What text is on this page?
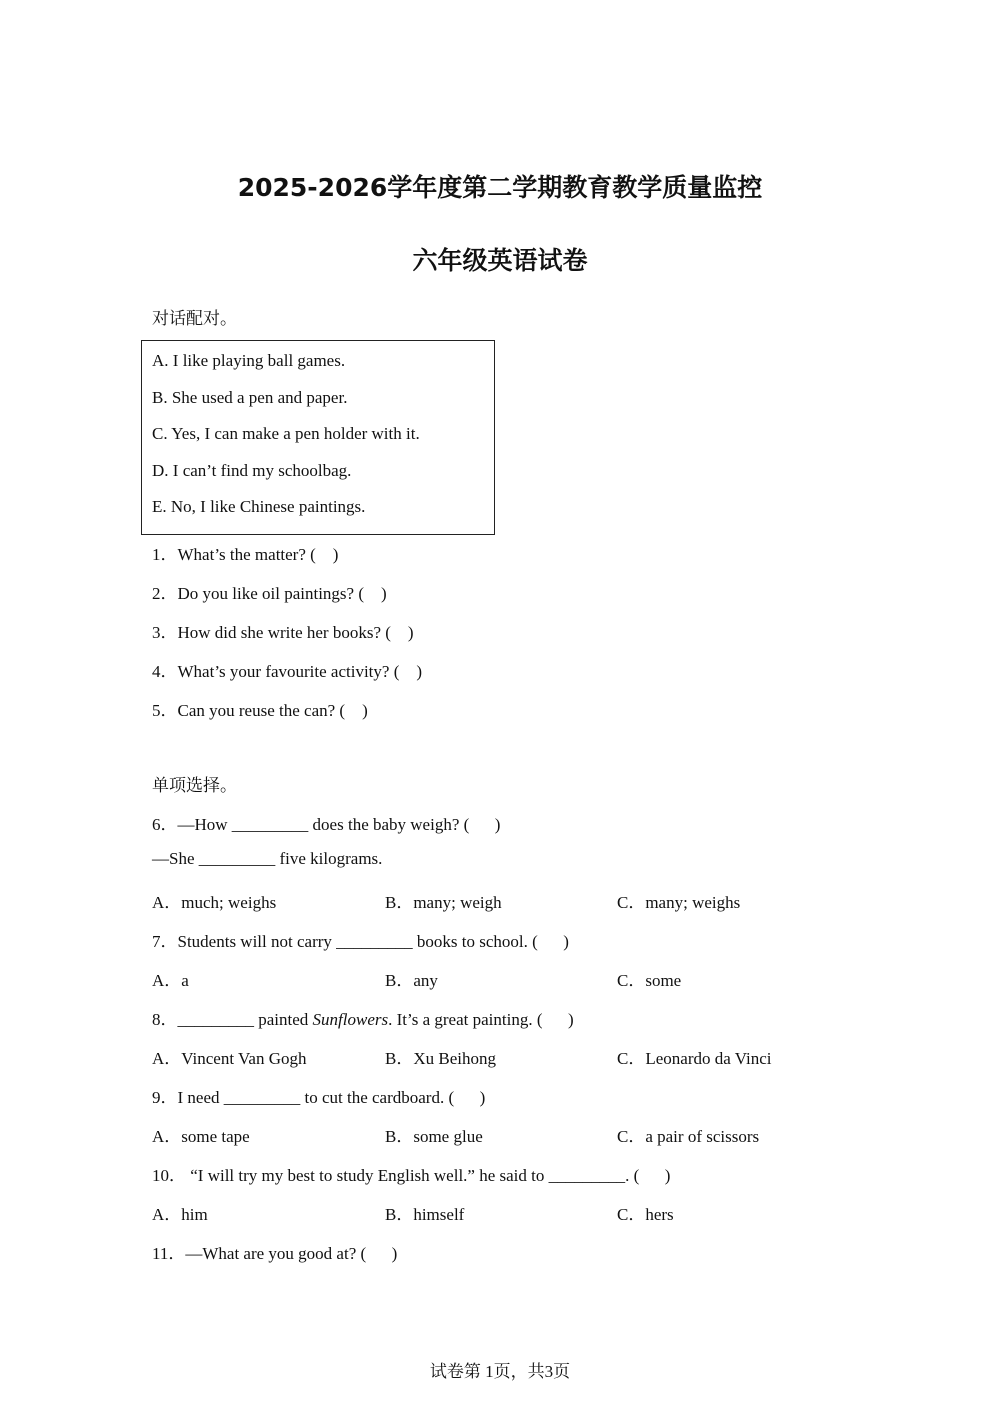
2025-2026学年度第二学期教育教学质量监控
六年级英语试卷
对话配对。
A. I like playing ball games.
B. She used a pen and paper.
C. Yes, I can make a pen holder with it.
D. I can’t find my schoolbag.
E. No, I like Chinese paintings.
1．What’s the matter? (    )
2．Do you like oil paintings? (    )
3．How did she write her books? (    )
4．What’s your favourite activity? (    )
5．Can you reuse the can? (    )
单项选择。
6．—How _________ does the baby weigh? (      )
—She _________ five kilograms.
A．much; weighs	B．many; weigh	C．many; weighs
7．Students will not carry _________ books to school. (      )
A．a	B．any	C．some
8．_________ painted Sunflowers. It’s a great painting. (      )
A．Vincent Van Gogh	B．Xu Beihong	C．Leonardo da Vinci
9．I need _________ to cut the cardboard. (      )
A．some tape	B．some glue	C．a pair of scissors
10． “I will try my best to study English well.” he said to _________. (      )
A．him	B．himself	C．hers
11．—What are you good at? (      )
试卷第 1页，共3页
